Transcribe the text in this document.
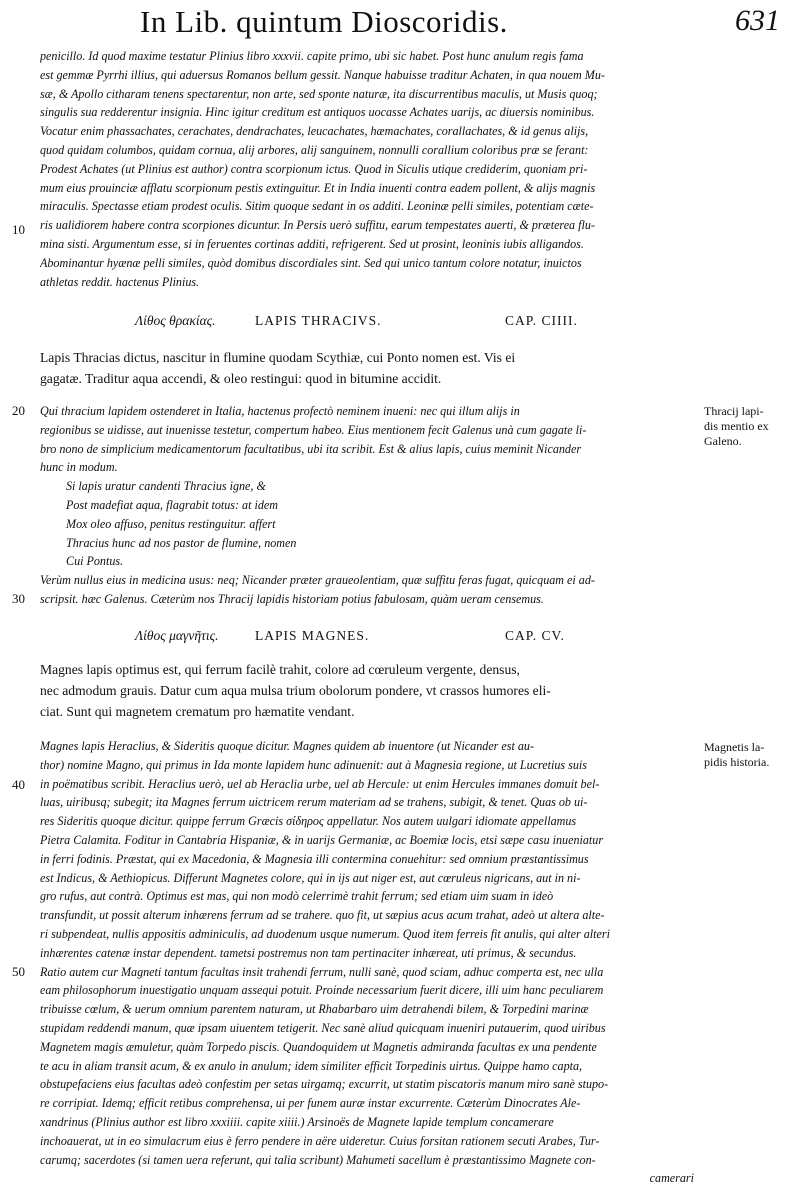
In Lib. quintum Dioscoridis.	631
penicillo. Id quod maxime testatur Plinius libro xxxvii. capite primo, ubi sic habet. Post hunc anulum regis fama
est gemmæ Pyrrhi illius, qui aduersus Romanos bellum gessit. Nanque habuisse traditur Achaten, in qua nouem Mu-
sæ, & Apollo citharam tenens spectarentur, non arte, sed sponte naturæ, ita discurrentibus maculis, ut Musis quoq;
singulis sua redderentur insignia. Hinc igitur creditum est antiquos uocasse Achates uarijs, ac diuersis nominibus.
Vocatur enim phassachates, cerachates, dendrachates, leucachates, hæmachates, corallachates, & id genus alijs,
quod quidam columbos, quidam cornua, alij arbores, alij sanguinem, nonnulli corallium coloribus præ se ferant:
Prodest Achates (ut Plinius est author) contra scorpionum ictus. Quod in Siculis utique crediderim, quoniam pri-
mum eius prouinciæ afflatu scorpionum pestis extinguitur. Et in India inuenti contra eadem pollent, & alijs magnis
miraculis. Spectasse etiam prodest oculis. Sitim quoque sedant in os additi. Leoninæ pelli similes, potentiam cæte-
ris ualidiorem habere contra scorpiones dicuntur. In Persis uerò suffitu, earum tempestates auerti, & præterea flu-
mina sisti. Argumentum esse, si in feruentes cortinas additi, refrigerent. Sed ut prosint, leoninis iubis alligandos.
Abominantur hyænæ pelli similes, quòd domibus discordiales sint. Sed qui unico tantum colore notatur, inuictos
athletas reddit. hactenus Plinius.
10
Λίθος θρακίας.	LAPIS THRACIVS.	CAP. CIIII.
Lapis Thracias dictus, nascitur in flumine quodam Scythiæ, cui Ponto nomen est. Vis ei
gagatæ. Traditur aqua accendi, & oleo restingui: quod in bitumine accidit.
20 Qui thracium lapidem ostenderet in Italia, hactenus profectò neminem inueni: nec qui illum alijs in
regionibus se uidisse, aut inuenisse testetur, compertum habeo. Eius mentionem fecit Galenus unà cum gagate li-
bro nono de simplicium medicamentorum facultatibus, ubi ita scribit. Est & alius lapis, cuius meminit Nicander
hunc in modum.
Si lapis uratur candenti Thracius igne, &
Post madefiat aqua, flagrabit totus: at idem
Mox oleo affuso, penitus restinguitur. affert
Thracius hunc ad nos pastor de flumine, nomen
Cui Pontus.
Verùm nullus eius in medicina usus: neq; Nicander præter graueolentiam, quæ suffitu feras fugat, quicquam ei ad-
scripsit. hæc Galenus. Cæterùm nos Thracij lapidis historiam potius fabulosam, quàm ueram censemus.
Thracij lapi-
dis mentio ex
Galeno.
30
Λίθος μαγνῆτις.	LAPIS MAGNES.	CAP. CV.
Magnes lapis optimus est, qui ferrum facilè trahit, colore ad cœruleum vergente, densus,
nec admodum grauis. Datur cum aqua mulsa trium obolorum pondere, vt crassos humores eli-
ciat. Sunt qui magnetem crematum pro hæmatite vendant.
Magnes lapis Heraclius, & Sideritis quoque dicitur. Magnes quidem ab inuentore (ut Nicander est au-
thor) nomine Magno, qui primus in Ida monte lapidem hunc adinuenit: aut à Magnesia regione, ut Lucretius suis
in poëmatibus scribit. Heraclius uerò, uel ab Heraclia urbe, uel ab Hercule: ut enim Hercules immanes domuit bel-
luas, uiribusq; subegit; ita Magnes ferrum uictricem rerum materiam ad se trahens, subigit, & tenet. Quas ob ui-
res Sideritis quoque dicitur. quippe ferrum Græcis σίδηρος appellatur. Nos autem uulgari idiomate appellamus
Pietra Calamita. Foditur in Cantabria Hispaniæ, & in uarijs Germaniæ, ac Boemiæ locis, etsi sæpe casu inueniatur
in ferri fodinis. Præstat, qui ex Macedonia, & Magnesia illi contermina conuehitur: sed omnium præstantissimus
est Indicus, & Aethiopicus. Differunt Magnetes colore, qui in ijs aut niger est, aut cœruleus nigricans, aut in ni-
gro rufus, aut contrà. Optimus est mas, qui non modò celerrimè trahit ferrum; sed etiam uim suam in ideò
transfundit, ut possit alterum inhærens ferrum ad se trahere. quo fit, ut sæpius acus acum trahat, adeò ut altera alte-
ri subpendeat, nullis appositis adminiculis, ad duodenum usque numerum. Quod item ferreis fit anulis, qui alter alteri
inhærentes catenæ instar dependent. tametsi postremus non tam pertinaciter inhæreat, uti primus, & secundus.
Ratio autem cur Magneti tantum facultas insit trahendi ferrum, nulli sanè, quod sciam, adhuc comperta est, nec ulla
eam philosophorum inuestigatio unquam assequi potuit. Proinde necessarium fuerit dicere, illi uim hanc peculiarem
tribuisse cœlum, & uerum omnium parentem naturam, ut Rhabarbaro uim detrahendi bilem, & Torpedini marinæ
stupidam reddendi manum, quæ ipsam uiuentem tetigerit. Nec sanè aliud quicquam inueniri putauerim, quod uiribus
Magnetem magis æmuletur, quàm Torpedo piscis. Quandoquidem ut Magnetis admiranda facultas ex una pendente
te acu in aliam transit acum, & ex anulo in anulum; idem similiter efficit Torpedinis uirtus. Quippe hamo capta,
obstupefaciens eius facultas adeò confestim per setas uirgamq; excurrit, ut statim piscatoris manum miro sanè stupo-
re corripiat. Idemq; efficit retibus comprehensa, ui per funem auræ instar excurrente. Cæterùm Dinocrates Ale-
xandrinus (Plinius author est libro xxxiiii. capite xiiii.) Arsinoës de Magnete lapide templum concamerare
inchoauerat, ut in eo simulacrum eius è ferro pendere in aëre uideretur. Cuius forsitan rationem secuti Arabes, Tur-
carumq; sacerdotes (si tamen uera referunt, qui talia scribunt) Mahumeti sacellum è præstantissimo Magnete con-
camerari
Magnetis la-
pidis historia.
40
50
